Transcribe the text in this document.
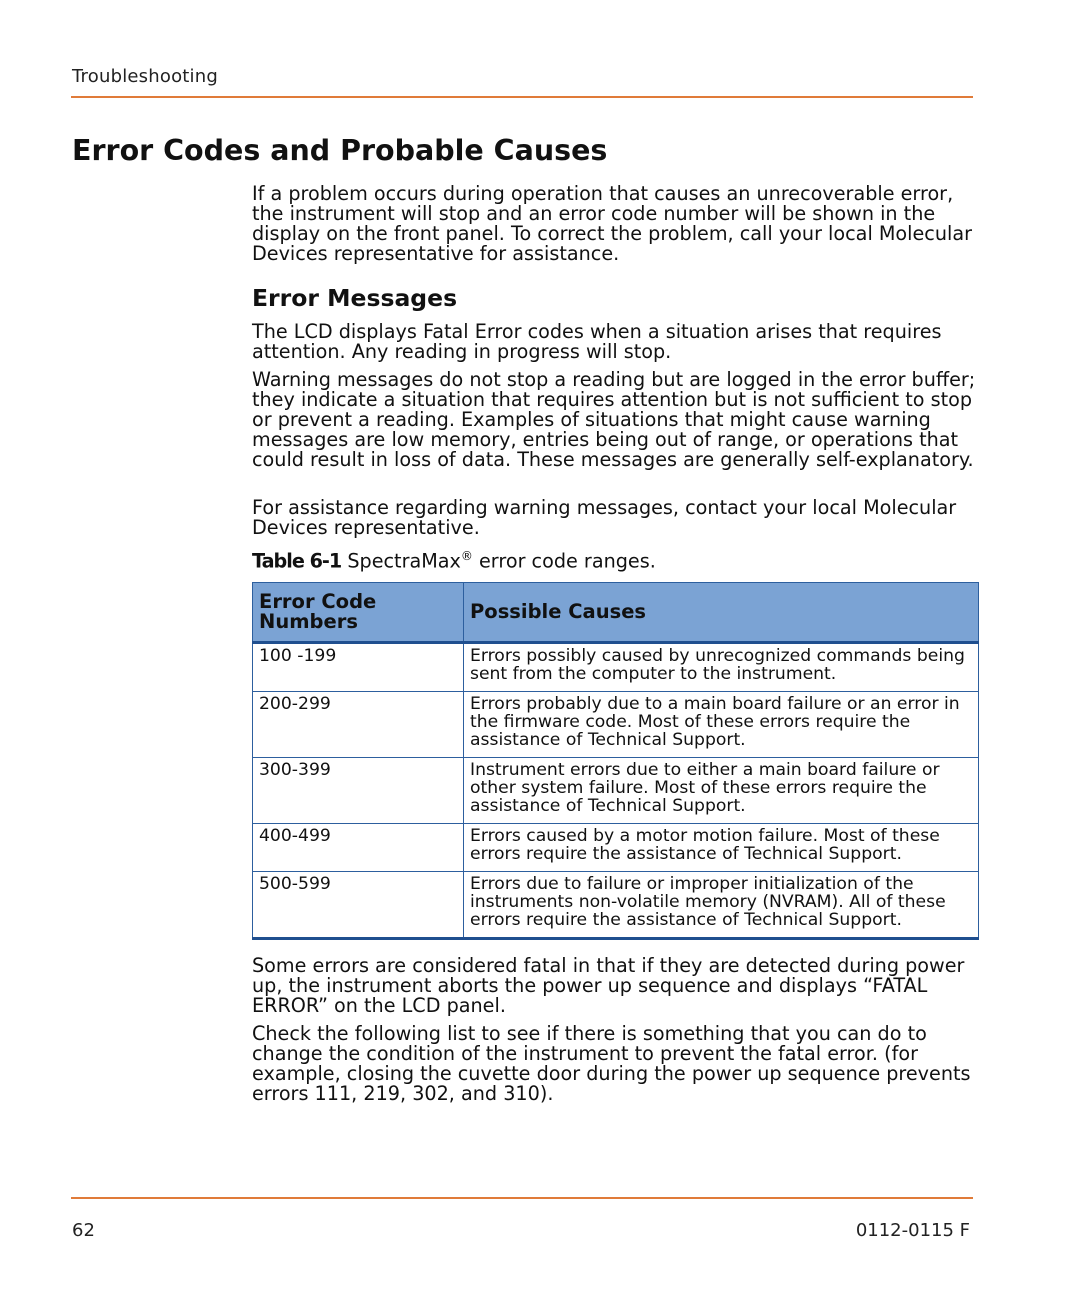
Troubleshooting
Error Codes and Probable Causes

If a problem occurs during operation that causes an unrecoverable error, the instrument will stop and an error code number will be shown in the display on the front panel. To correct the problem, call your local Molecular Devices representative for assistance.

Error Messages

The LCD displays Fatal Error codes when a situation arises that requires attention. Any reading in progress will stop.

Warning messages do not stop a reading but are logged in the error buffer; they indicate a situation that requires attention but is not sufficient to stop or prevent a reading. Examples of situations that might cause warning messages are low memory, entries being out of range, or operations that could result in loss of data. These messages are generally self-explanatory.

For assistance regarding warning messages, contact your local Molecular Devices representative.

Table 6-1 SpectraMax® error code ranges.

Error Code Numbers	Possible Causes
100 -199	Errors possibly caused by unrecognized commands being sent from the computer to the instrument.
200-299	Errors probably due to a main board failure or an error in the firmware code. Most of these errors require the assistance of Technical Support.
300-399	Instrument errors due to either a main board failure or other system failure. Most of these errors require the assistance of Technical Support.
400-499	Errors caused by a motor motion failure. Most of these errors require the assistance of Technical Support.
500-599	Errors due to failure or improper initialization of the instruments non-volatile memory (NVRAM). All of these errors require the assistance of Technical Support.

Some errors are considered fatal in that if they are detected during power up, the instrument aborts the power up sequence and displays “FATAL ERROR” on the LCD panel.

Check the following list to see if there is something that you can do to change the condition of the instrument to prevent the fatal error. (for example, closing the cuvette door during the power up sequence prevents errors 111, 219, 302, and 310).

62	0112-0115 F
